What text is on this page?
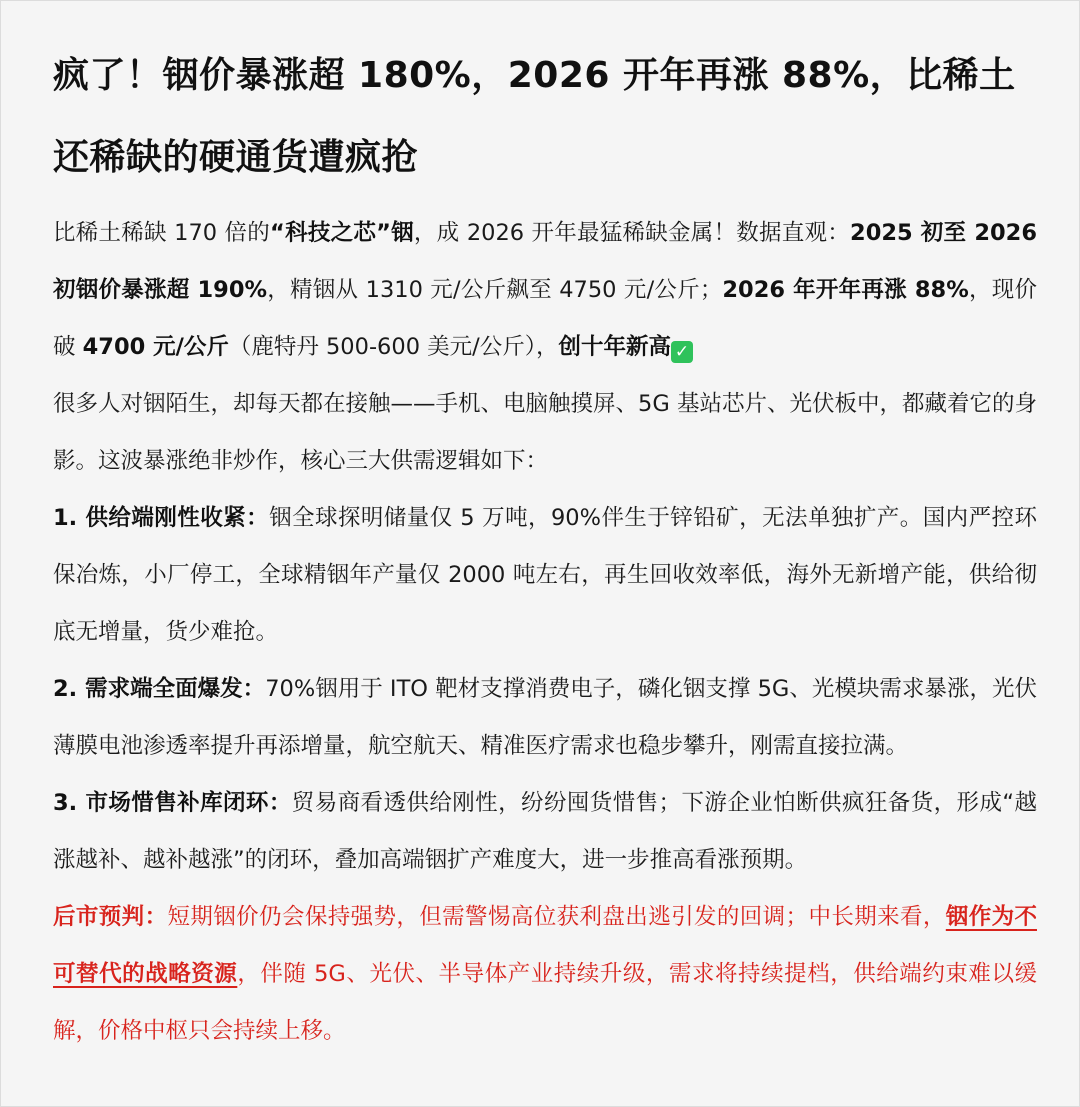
疯了！铟价暴涨超 180%，2026 开年再涨 88%，比稀土还稀缺的硬通货遭疯抢

比稀土稀缺 170 倍的“科技之芯”铟，成 2026 开年最猛稀缺金属！数据直观：2025 初至 2026 初铟价暴涨超 190%，精铟从 1310 元/公斤飙至 4750 元/公斤；2026 年开年再涨 88%，现价破 4700 元/公斤（鹿特丹 500-600 美元/公斤），创十年新高 ✓

很多人对铟陌生，却每天都在接触——手机、电脑触摸屏、5G 基站芯片、光伏板中，都藏着它的身影。这波暴涨绝非炒作，核心三大供需逻辑如下：

1. 供给端刚性收紧：铟全球探明储量仅 5 万吨，90%伴生于锌铅矿，无法单独扩产。国内严控环保冶炼，小厂停工，全球精铟年产量仅 2000 吨左右，再生回收效率低，海外无新增产能，供给彻底无增量，货少难抢。

2. 需求端全面爆发：70%铟用于 ITO 靶材支撑消费电子，磷化铟支撑 5G、光模块需求暴涨，光伏薄膜电池渗透率提升再添增量，航空航天、精准医疗需求也稳步攀升，刚需直接拉满。

3. 市场惜售补库闭环：贸易商看透供给刚性，纷纷囤货惜售；下游企业怕断供疯狂备货，形成“越涨越补、越补越涨”的闭环，叠加高端铟扩产难度大，进一步推高看涨预期。

后市预判：短期铟价仍会保持强势，但需警惕高位获利盘出逃引发的回调；中长期来看，铟作为不可替代的战略资源，伴随 5G、光伏、半导体产业持续升级，需求将持续提档，供给端约束难以缓解，价格中枢只会持续上移。
